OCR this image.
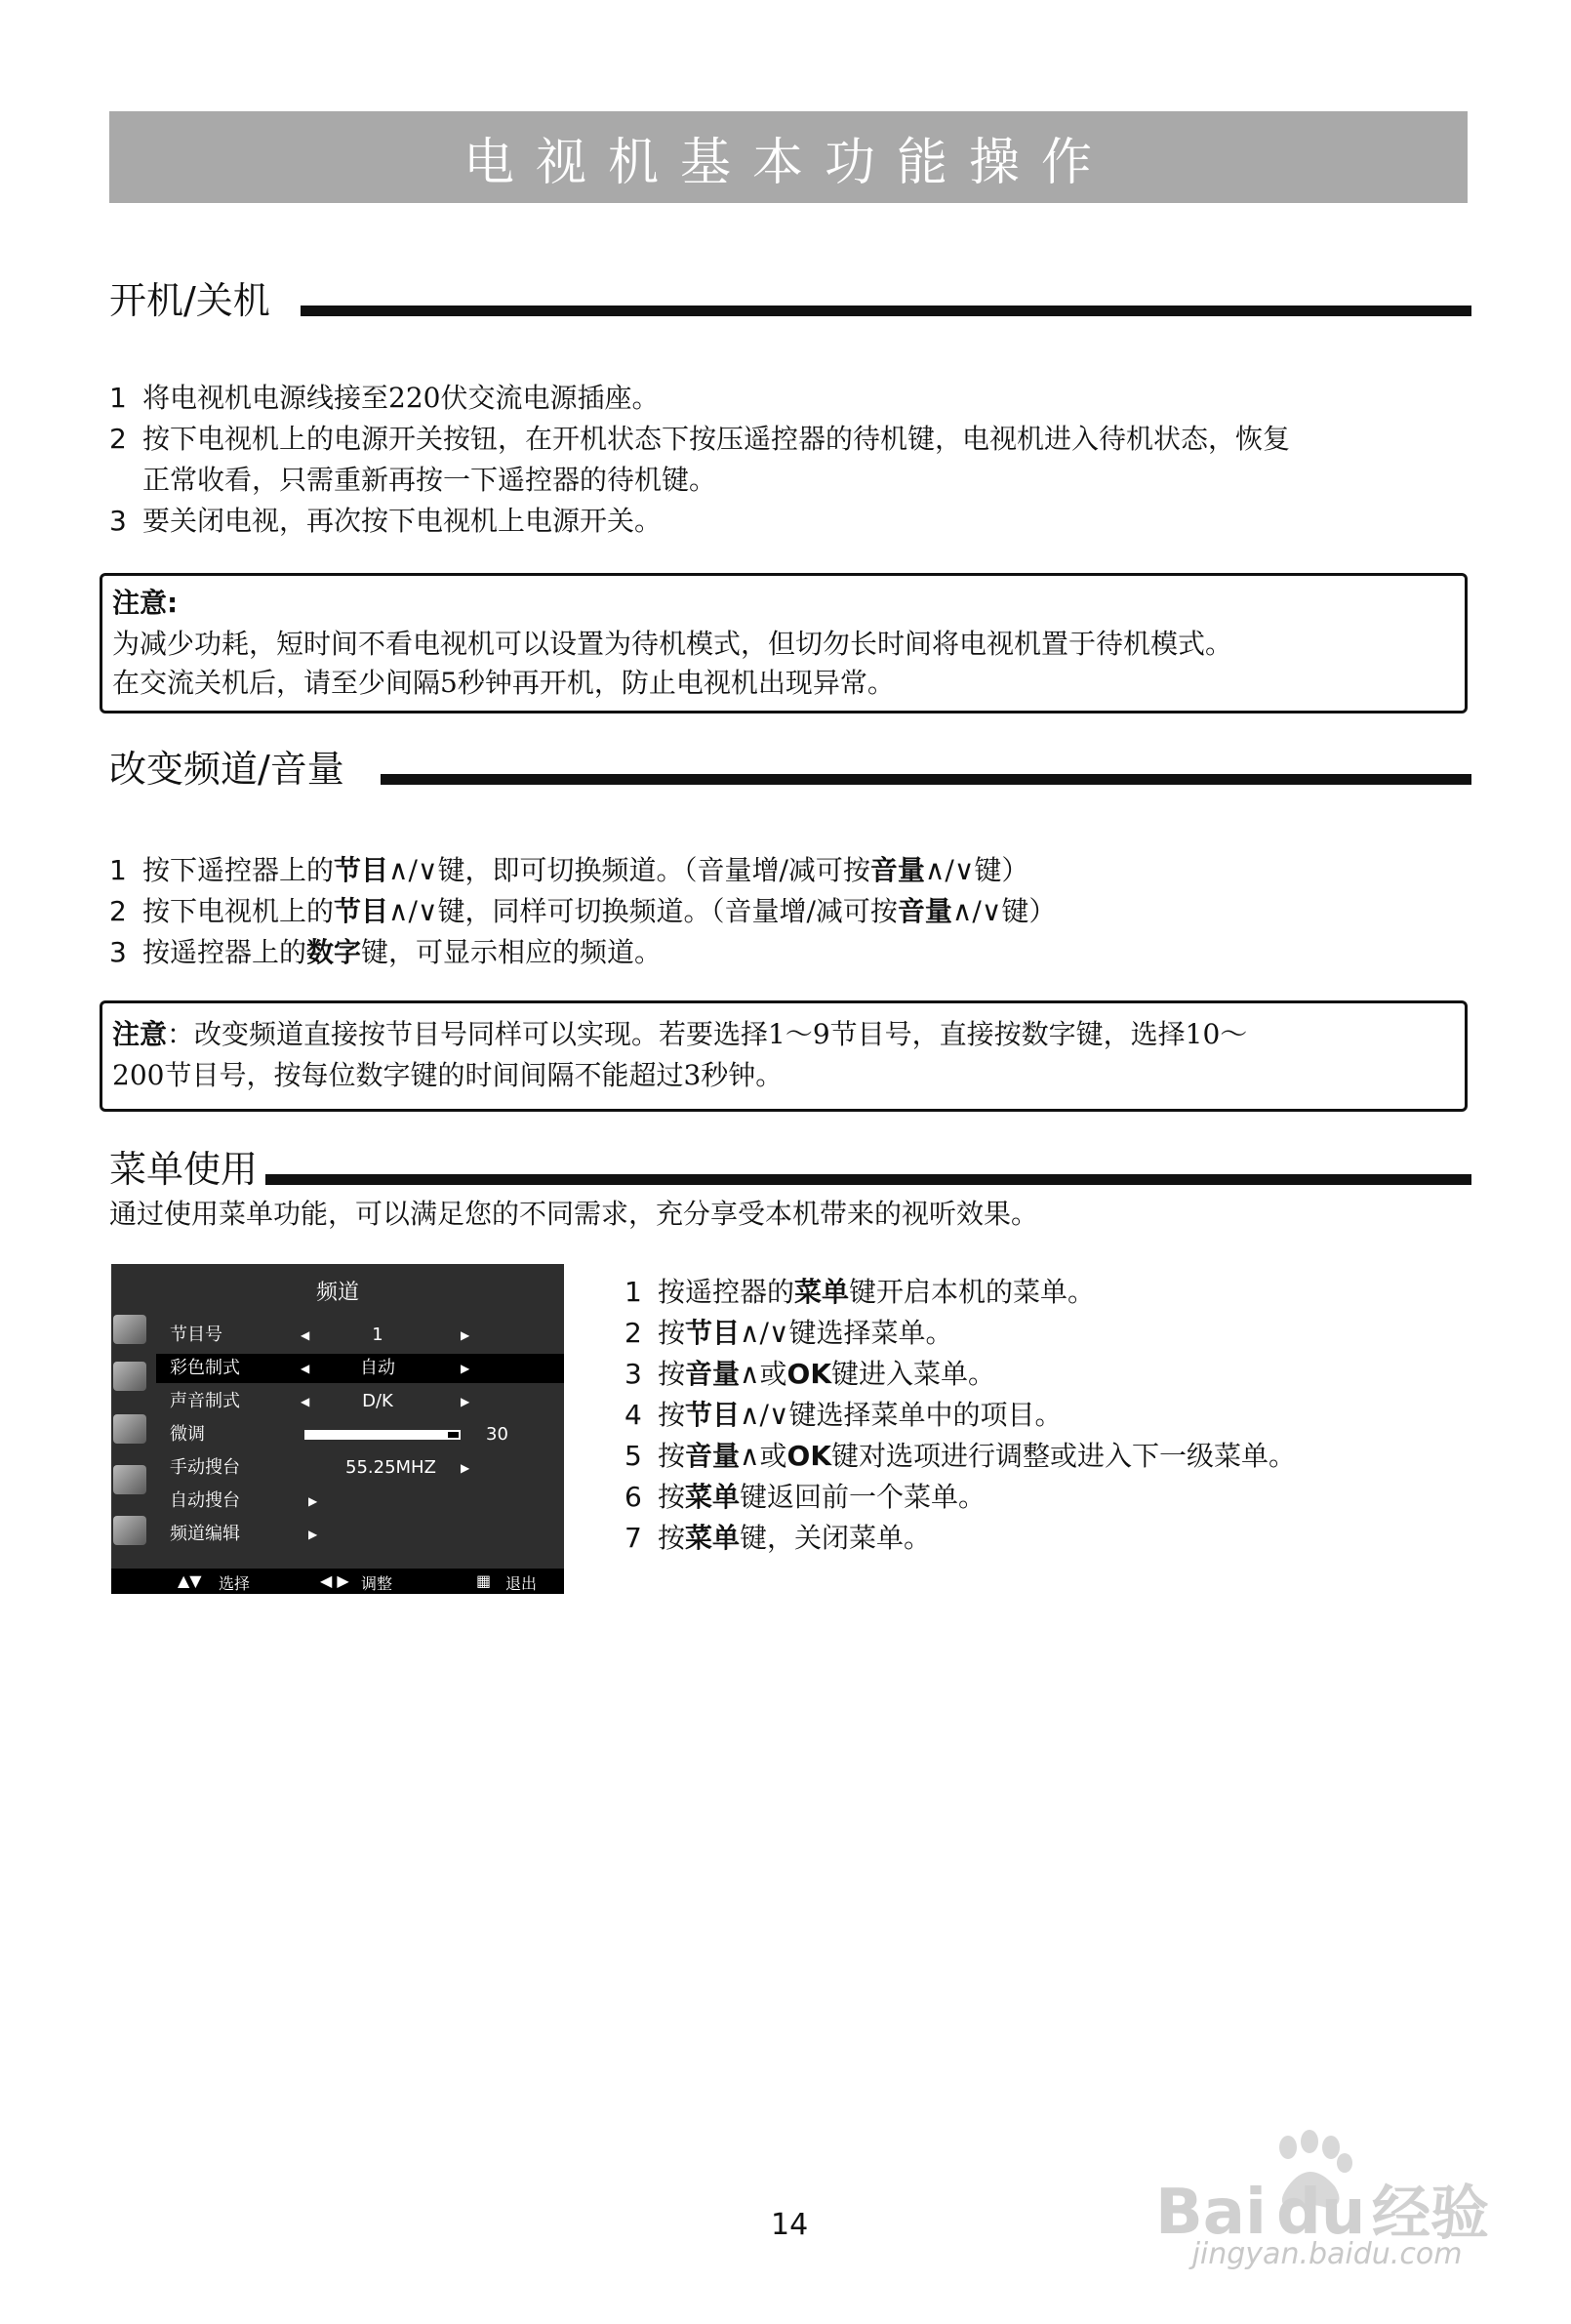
电视机基本功能操作
开机/关机
1 将电视机电源线接至220伏交流电源插座。
2 按下电视机上的电源开关按钮，在开机状态下按压遥控器的待机键，电视机进入待机状态，恢复
正常收看，只需重新再按一下遥控器的待机键。
3 要关闭电视，再次按下电视机上电源开关。
注意:
为减少功耗，短时间不看电视机可以设置为待机模式，但切勿长时间将电视机置于待机模式。
在交流关机后，请至少间隔5秒钟再开机，防止电视机出现异常。
改变频道/音量
1 按下遥控器上的节目∧/∨键，即可切换频道。（音量增/减可按音量∧/∨键）
2 按下电视机上的节目∧/∨键，同样可切换频道。（音量增/减可按音量∧/∨键）
3 按遥控器上的数字键，可显示相应的频道。
注意：改变频道直接按节目号同样可以实现。若要选择1～9节目号，直接按数字键，选择10～
200节目号，按每位数字键的时间间隔不能超过3秒钟。
菜单使用
通过使用菜单功能，可以满足您的不同需求，充分享受本机带来的视听效果。
频道
节目号	◀	1	▶
彩色制式	◀	自动	▶
声音制式	◀	D/K	▶
微调	30
手动搜台	55.25MHZ ▶
自动搜台	▶
频道编辑	▶
▲▼ 选择	◀ ▶ 调整	▦ 退出
1 按遥控器的菜单键开启本机的菜单。
2 按节目∧/∨键选择菜单。
3 按音量∧或OK键进入菜单。
4 按节目∧/∨键选择菜单中的项目。
5 按音量∧或OK键对选项进行调整或进入下一级菜单。
6 按菜单键返回前一个菜单。
7 按菜单键，关闭菜单。
14	Bai du 经验
jingyan.baidu.com
